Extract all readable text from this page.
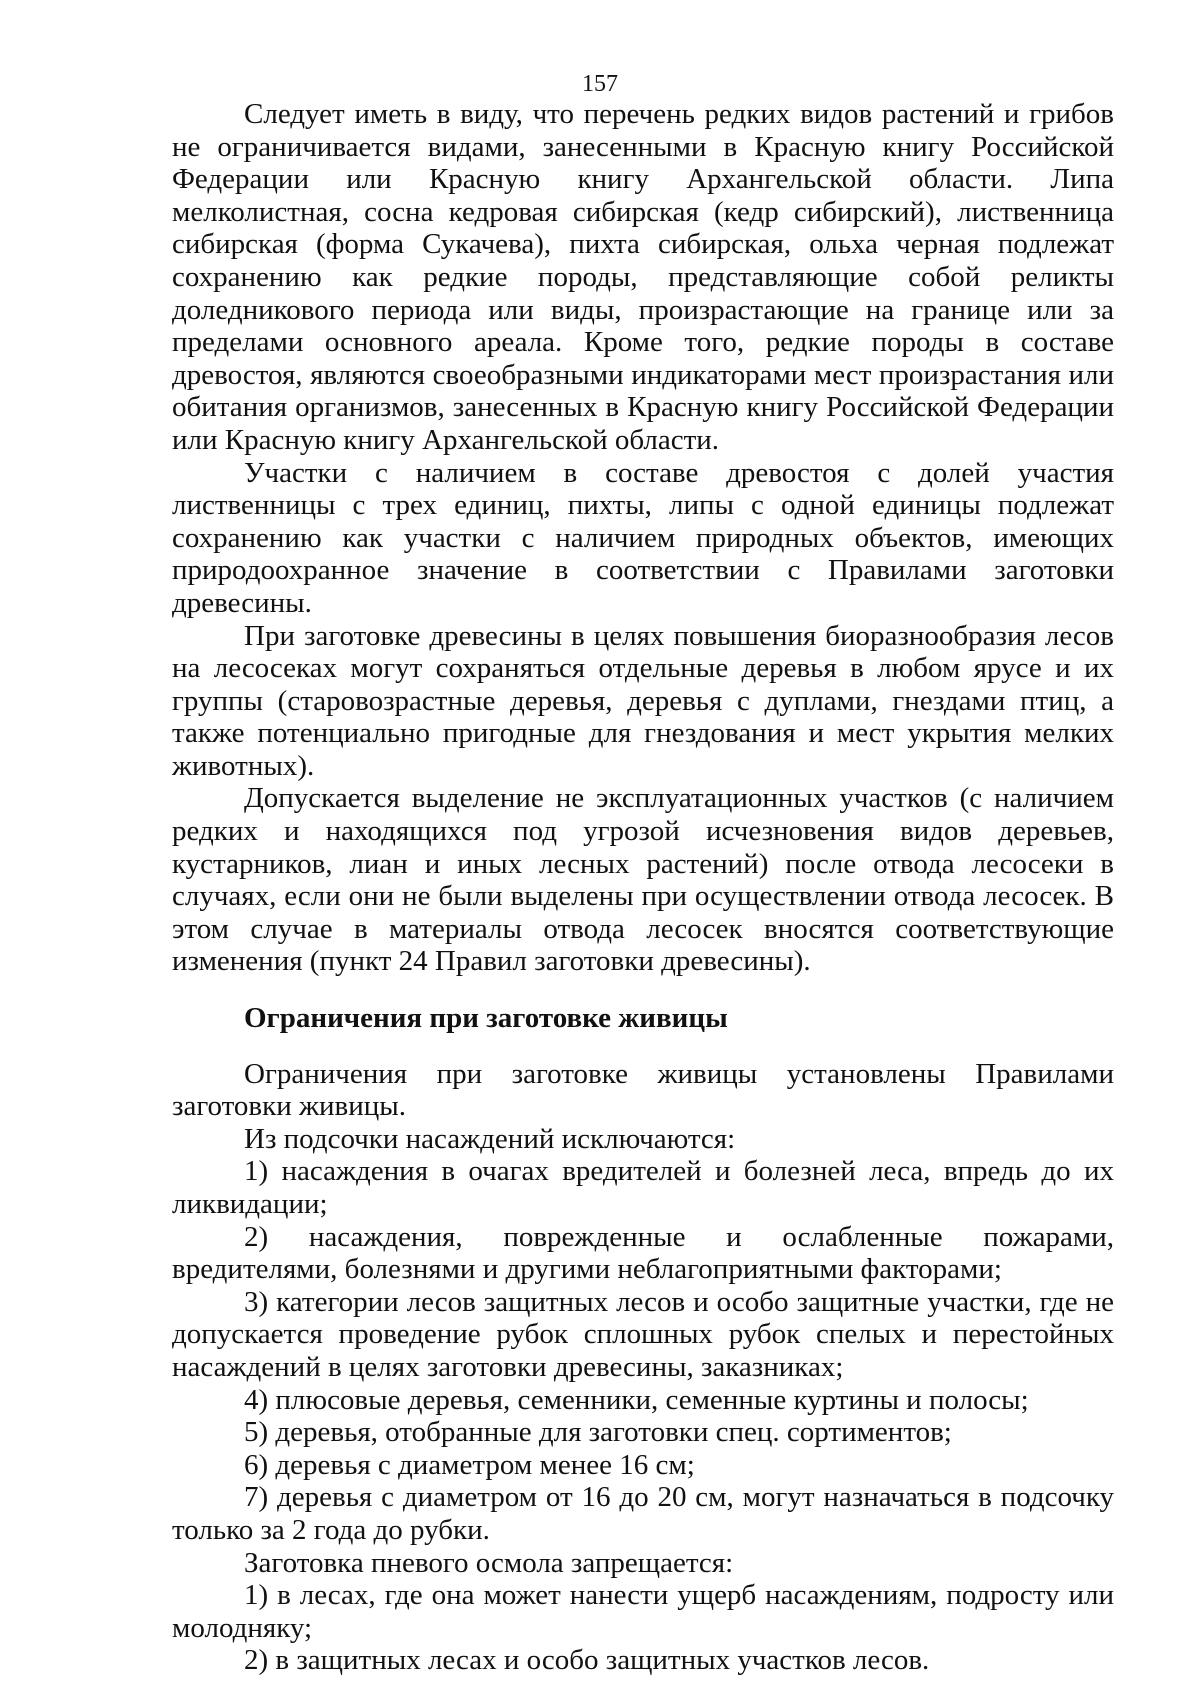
157

Следует иметь в виду, что перечень редких видов растений и грибов не ограничивается видами, занесенными в Красную книгу Российской Федерации или Красную книгу Архангельской области. Липа мелколистная, сосна кедровая сибирская (кедр сибирский), лиственница сибирская (форма Сукачева), пихта сибирская, ольха черная подлежат сохранению как редкие породы, представляющие собой реликты доледникового периода или виды, произрастающие на границе или за пределами основного ареала. Кроме того, редкие породы в составе древостоя, являются своеобразными индикаторами мест произрастания или обитания организмов, занесенных в Красную книгу Российской Федерации или Красную книгу Архангельской области.

Участки с наличием в составе древостоя с долей участия лиственницы с трех единиц, пихты, липы с одной единицы подлежат сохранению как участки с наличием природных объектов, имеющих природоохранное значение в соответствии с Правилами заготовки древесины.

При заготовке древесины в целях повышения биоразнообразия лесов на лесосеках могут сохраняться отдельные деревья в любом ярусе и их группы (старовозрастные деревья, деревья с дуплами, гнездами птиц, а также потенциально пригодные для гнездования и мест укрытия мелких животных).

Допускается выделение не эксплуатационных участков (с наличием редких и находящихся под угрозой исчезновения видов деревьев, кустарников, лиан и иных лесных растений) после отвода лесосеки в случаях, если они не были выделены при осуществлении отвода лесосек. В этом случае в материалы отвода лесосек вносятся соответствующие изменения (пункт 24 Правил заготовки древесины).

Ограничения при заготовке живицы

Ограничения при заготовке живицы установлены Правилами заготовки живицы.

Из подсочки насаждений исключаются:

1) насаждения в очагах вредителей и болезней леса, впредь до их ликвидации;

2) насаждения, поврежденные и ослабленные пожарами, вредителями, болезнями и другими неблагоприятными факторами;

3) категории лесов защитных лесов и особо защитные участки, где не допускается проведение рубок сплошных рубок спелых и перестойных насаждений в целях заготовки древесины, заказниках;

4) плюсовые деревья, семенники, семенные куртины и полосы;

5) деревья, отобранные для заготовки спец. сортиментов;

6) деревья с диаметром менее 16 см;

7) деревья с диаметром от 16 до 20 см, могут назначаться в подсочку только за 2 года до рубки.

Заготовка пневого осмола запрещается:

1) в лесах, где она может нанести ущерб насаждениям, подросту или молодняку;

2) в защитных лесах и особо защитных участков лесов.
